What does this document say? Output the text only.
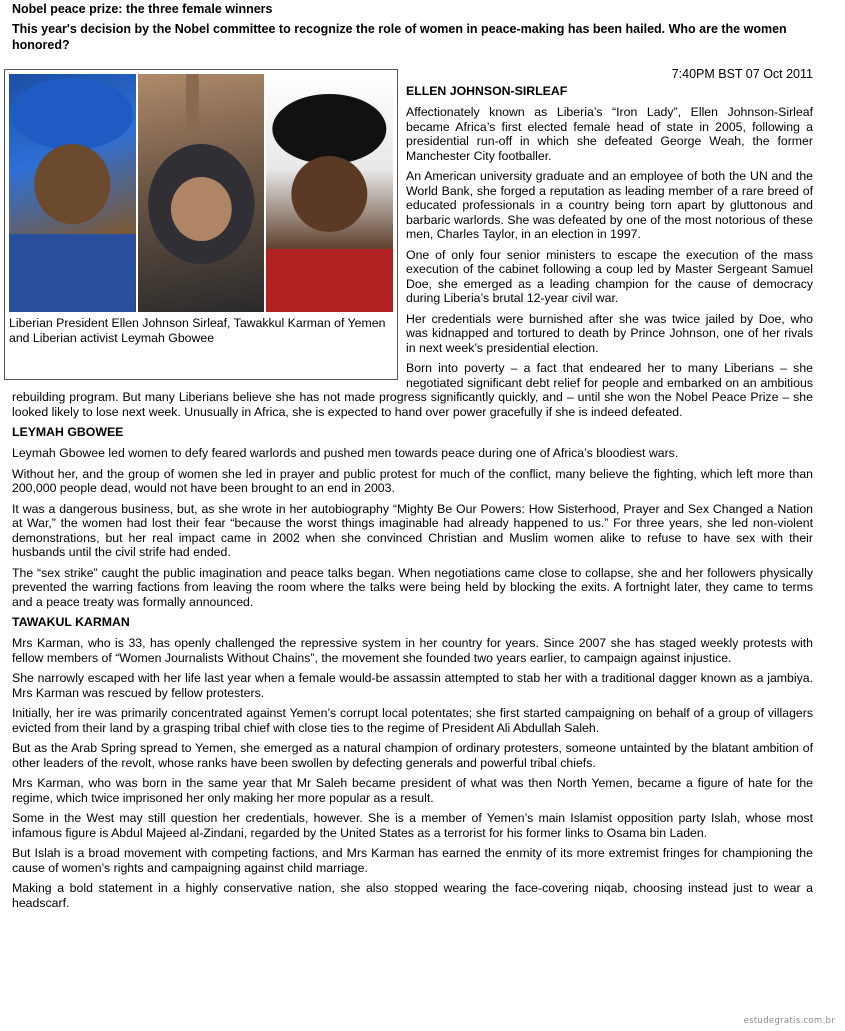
Nobel peace prize: the three female winners
This year's decision by the Nobel committee to recognize the role of women in peace-making has been hailed. Who are the women honored?
7:40PM BST 07 Oct 2011
Liberian President Ellen Johnson Sirleaf, Tawakkul Karman of Yemen and Liberian activist Leymah Gbowee
ELLEN JOHNSON-SIRLEAF

Affectionately known as Liberia’s “Iron Lady”, Ellen Johnson-Sirleaf became Africa’s first elected female head of state in 2005, following a presidential run-off in which she defeated George Weah, the former Manchester City footballer.

An American university graduate and an employee of both the UN and the World Bank, she forged a reputation as leading member of a rare breed of educated professionals in a country being torn apart by gluttonous and barbaric warlords. She was defeated by one of the most notorious of these men, Charles Taylor, in an election in 1997.

One of only four senior ministers to escape the execution of the mass execution of the cabinet following a coup led by Master Sergeant Samuel Doe, she emerged as a leading champion for the cause of democracy during Liberia’s brutal 12-year civil war.

Her credentials were burnished after she was twice jailed by Doe, who was kidnapped and tortured to death by Prince Johnson, one of her rivals in next week’s presidential election.

Born into poverty – a fact that endeared her to many Liberians – she negotiated significant debt relief for people and embarked on an ambitious rebuilding program. But many Liberians believe she has not made progress significantly quickly, and – until she won the Nobel Peace Prize – she looked likely to lose next week. Unusually in Africa, she is expected to hand over power gracefully if she is indeed defeated.

LEYMAH GBOWEE

Leymah Gbowee led women to defy feared warlords and pushed men towards peace during one of Africa’s bloodiest wars.

Without her, and the group of women she led in prayer and public protest for much of the conflict, many believe the fighting, which left more than 200,000 people dead, would not have been brought to an end in 2003.

It was a dangerous business, but, as she wrote in her autobiography “Mighty Be Our Powers: How Sisterhood, Prayer and Sex Changed a Nation at War,” the women had lost their fear “because the worst things imaginable had already happened to us.” For three years, she led non-violent demonstrations, but her real impact came in 2002 when she convinced Christian and Muslim women alike to refuse to have sex with their husbands until the civil strife had ended.

The “sex strike” caught the public imagination and peace talks began. When negotiations came close to collapse, she and her followers physically prevented the warring factions from leaving the room where the talks were being held by blocking the exits. A fortnight later, they came to terms and a peace treaty was formally announced.

TAWAKUL KARMAN

Mrs Karman, who is 33, has openly challenged the repressive system in her country for years. Since 2007 she has staged weekly protests with fellow members of “Women Journalists Without Chains”, the movement she founded two years earlier, to campaign against injustice.

She narrowly escaped with her life last year when a female would-be assassin attempted to stab her with a traditional dagger known as a jambiya. Mrs Karman was rescued by fellow protesters.

Initially, her ire was primarily concentrated against Yemen’s corrupt local potentates; she first started campaigning on behalf of a group of villagers evicted from their land by a grasping tribal chief with close ties to the regime of President Ali Abdullah Saleh.

But as the Arab Spring spread to Yemen, she emerged as a natural champion of ordinary protesters, someone untainted by the blatant ambition of other leaders of the revolt, whose ranks have been swollen by defecting generals and powerful tribal chiefs.

Mrs Karman, who was born in the same year that Mr Saleh became president of what was then North Yemen, became a figure of hate for the regime, which twice imprisoned her only making her more popular as a result.

Some in the West may still question her credentials, however. She is a member of Yemen’s main Islamist opposition party Islah, whose most infamous figure is Abdul Majeed al-Zindani, regarded by the United States as a terrorist for his former links to Osama bin Laden.

But Islah is a broad movement with competing factions, and Mrs Karman has earned the enmity of its more extremist fringes for championing the cause of women’s rights and campaigning against child marriage.

Making a bold statement in a highly conservative nation, she also stopped wearing the face-covering niqab, choosing instead just to wear a headscarf.

estudegratis.com.br
